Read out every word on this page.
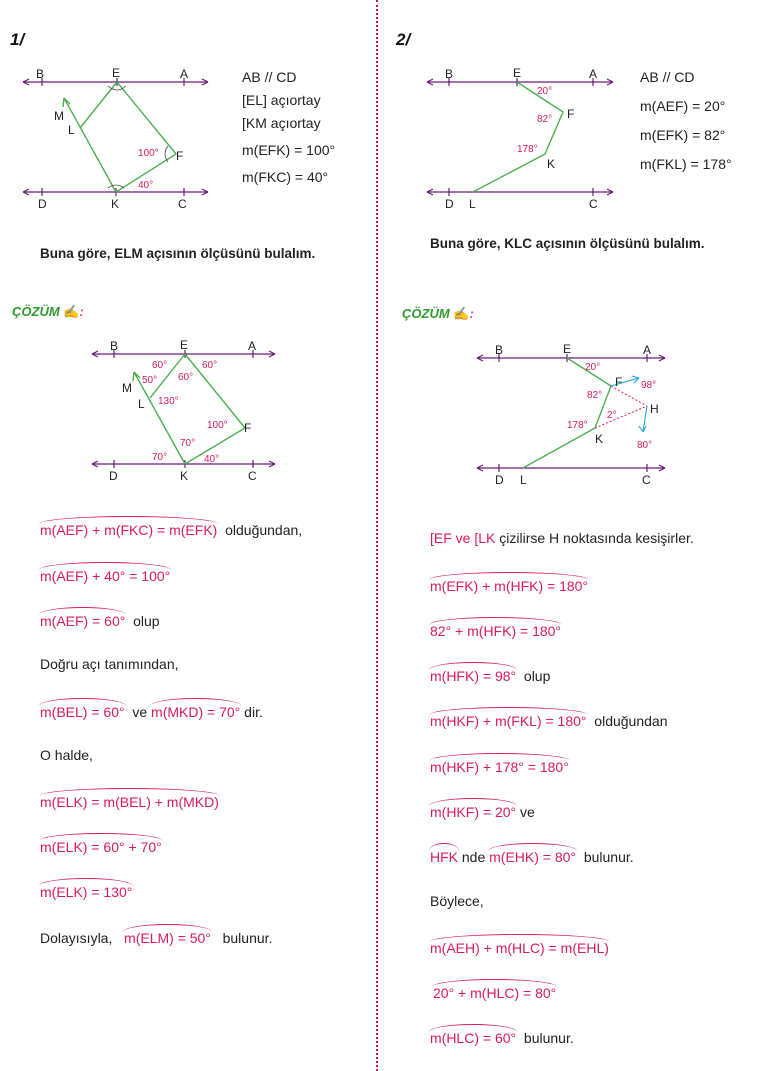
1/
B	E	A
M
L
F
D	K	C
100°
40°
AB // CD
[EL] açıortay
[KM açıortay
m(EFK) = 100°
m(FKC) = 40°
Buna göre, ELM açısının ölçüsünü bulalım.
ÇÖZÜM ✍:
B	E	A
M
L
F
D	K	C
60°
60°
60°
50°
130°
100°
70°
70°	40°
m(AEF) + m(FKC) = m(EFK) olduğundan,
m(AEF) + 40° = 100°
m(AEF) = 60° olup
Doğru açı tanımından,
m(BEL) = 60° ve m(MKD) = 70° dir.
O halde,
m(ELK) = m(BEL) + m(MKD)
m(ELK) = 60° + 70°
m(ELK) = 130°
Dolayısıyla, m(ELM) = 50° bulunur.
2/
B	E	A
F
K
D L	C
20°
82°
178°
AB // CD
m(AEF) = 20°
m(EFK) = 82°
m(FKL) = 178°
Buna göre, KLC açısının ölçüsünü bulalım.
ÇÖZÜM ✍:
B	E	A
F
H
K
D L	C
20°
82°
98°
2°
178°
80°
[EF ve [LK çizilirse H noktasında kesişirler.
m(EFK) + m(HFK) = 180°
82° + m(HFK) = 180°
m(HFK) = 98° olup
m(HKF) + m(FKL) = 180° olduğundan
m(HKF) + 178° = 180°
m(HKF) = 20° ve
HFK nde m(EHK) = 80° bulunur.
Böylece,
m(AEH) + m(HLC) = m(EHL)
20° + m(HLC) = 80°
m(HLC) = 60° bulunur.
